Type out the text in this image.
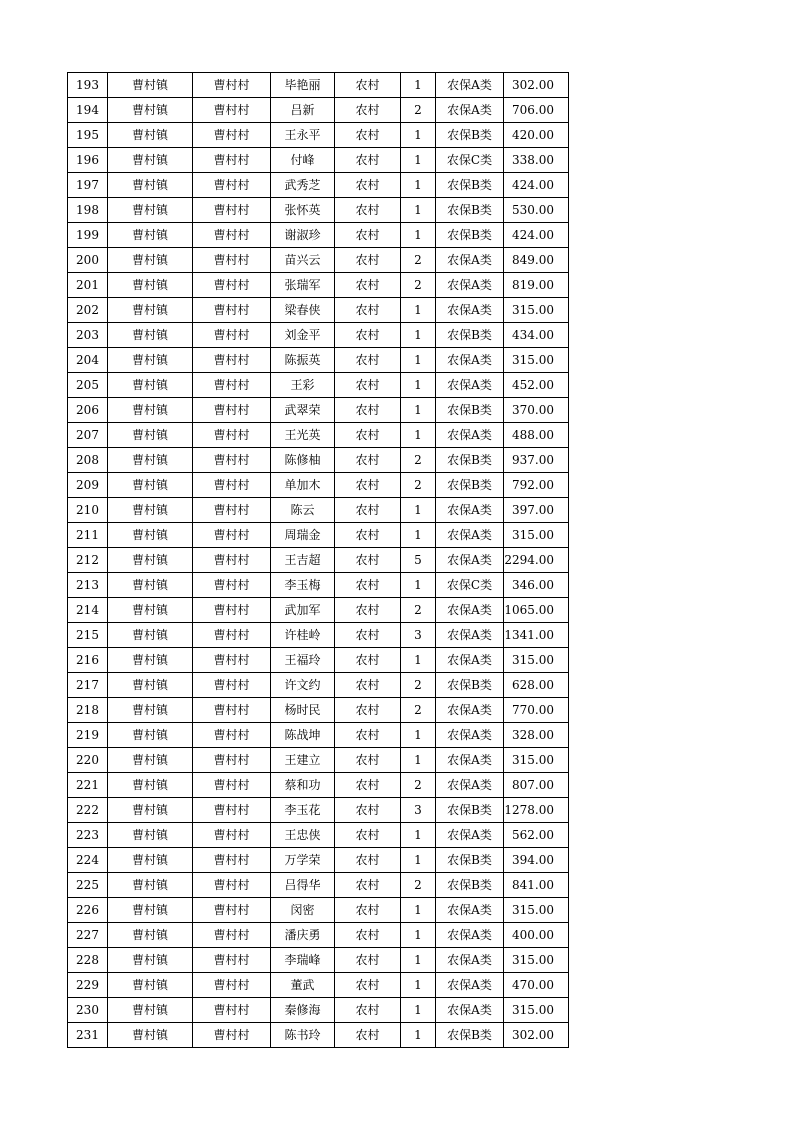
193	曹村镇	曹村村	毕艳丽	农村	1	农保A类	302.00
194	曹村镇	曹村村	吕新	农村	2	农保A类	706.00
195	曹村镇	曹村村	王永平	农村	1	农保B类	420.00
196	曹村镇	曹村村	付峰	农村	1	农保C类	338.00
197	曹村镇	曹村村	武秀芝	农村	1	农保B类	424.00
198	曹村镇	曹村村	张怀英	农村	1	农保B类	530.00
199	曹村镇	曹村村	谢淑珍	农村	1	农保B类	424.00
200	曹村镇	曹村村	苗兴云	农村	2	农保A类	849.00
201	曹村镇	曹村村	张瑞军	农村	2	农保A类	819.00
202	曹村镇	曹村村	梁春侠	农村	1	农保A类	315.00
203	曹村镇	曹村村	刘金平	农村	1	农保B类	434.00
204	曹村镇	曹村村	陈振英	农村	1	农保A类	315.00
205	曹村镇	曹村村	王彩	农村	1	农保A类	452.00
206	曹村镇	曹村村	武翠荣	农村	1	农保B类	370.00
207	曹村镇	曹村村	王光英	农村	1	农保A类	488.00
208	曹村镇	曹村村	陈修柚	农村	2	农保B类	937.00
209	曹村镇	曹村村	单加木	农村	2	农保B类	792.00
210	曹村镇	曹村村	陈云	农村	1	农保A类	397.00
211	曹村镇	曹村村	周瑞金	农村	1	农保A类	315.00
212	曹村镇	曹村村	王吉超	农村	5	农保A类	2294.00
213	曹村镇	曹村村	李玉梅	农村	1	农保C类	346.00
214	曹村镇	曹村村	武加军	农村	2	农保A类	1065.00
215	曹村镇	曹村村	许桂岭	农村	3	农保A类	1341.00
216	曹村镇	曹村村	王福玲	农村	1	农保A类	315.00
217	曹村镇	曹村村	许文约	农村	2	农保B类	628.00
218	曹村镇	曹村村	杨时民	农村	2	农保A类	770.00
219	曹村镇	曹村村	陈战坤	农村	1	农保A类	328.00
220	曹村镇	曹村村	王建立	农村	1	农保A类	315.00
221	曹村镇	曹村村	蔡和功	农村	2	农保A类	807.00
222	曹村镇	曹村村	李玉花	农村	3	农保B类	1278.00
223	曹村镇	曹村村	王忠侠	农村	1	农保A类	562.00
224	曹村镇	曹村村	万学荣	农村	1	农保B类	394.00
225	曹村镇	曹村村	吕得华	农村	2	农保B类	841.00
226	曹村镇	曹村村	闵密	农村	1	农保A类	315.00
227	曹村镇	曹村村	潘庆勇	农村	1	农保A类	400.00
228	曹村镇	曹村村	李瑞峰	农村	1	农保A类	315.00
229	曹村镇	曹村村	董武	农村	1	农保A类	470.00
230	曹村镇	曹村村	秦修海	农村	1	农保A类	315.00
231	曹村镇	曹村村	陈书玲	农村	1	农保B类	302.00
